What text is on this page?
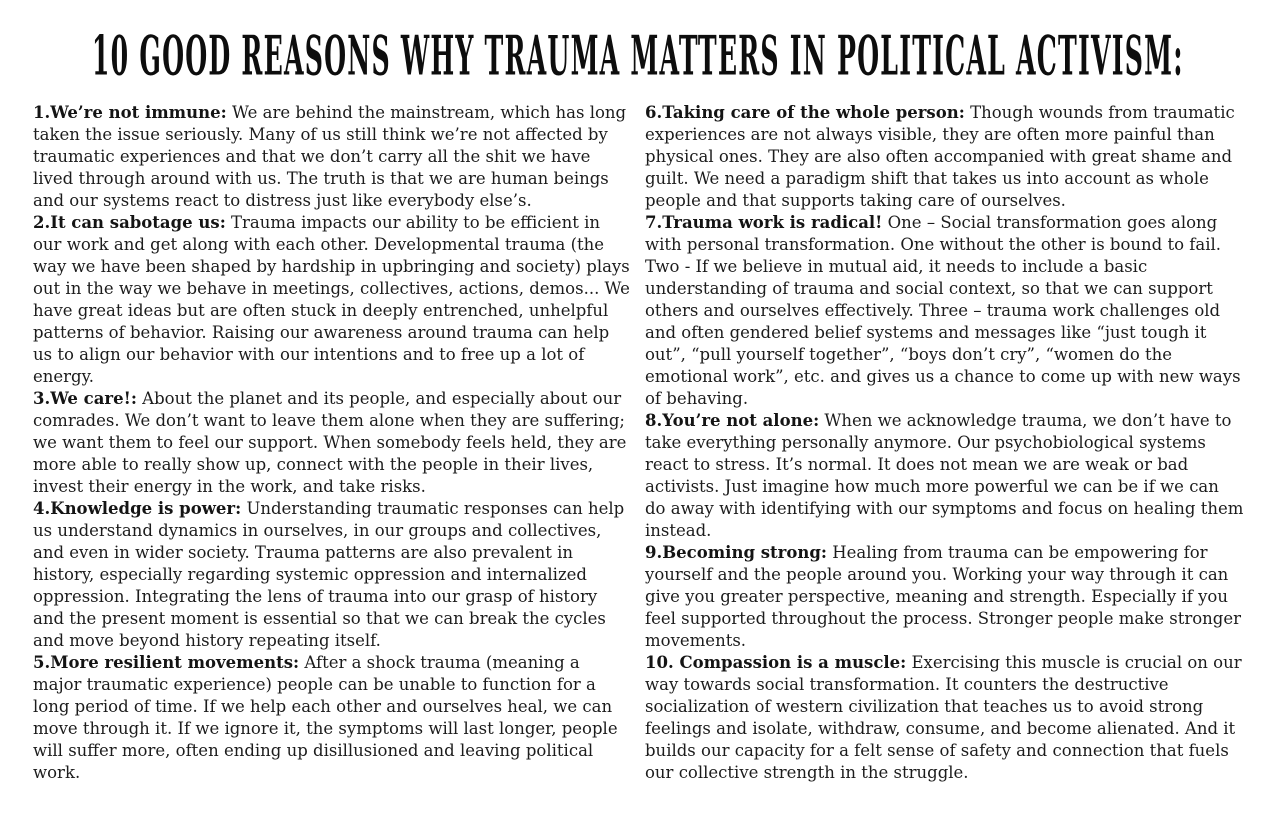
10 GOOD REASONS WHY TRAUMA MATTERS IN POLITICAL ACTIVISM:

1.We’re not immune: We are behind the mainstream, which has long taken the issue seriously. Many of us still think we’re not affected by traumatic experiences and that we don’t carry all the shit we have lived through around with us. The truth is that we are human beings and our systems react to distress just like everybody else’s.

2.It can sabotage us: Trauma impacts our ability to be efficient in our work and get along with each other. Developmental trauma (the way we have been shaped by hardship in upbringing and society) plays out in the way we behave in meetings, collectives, actions, demos... We have great ideas but are often stuck in deeply entrenched, unhelpful patterns of behavior. Raising our awareness around trauma can help us to align our behavior with our intentions and to free up a lot of energy.

3.We care!: About the planet and its people, and especially about our comrades. We don’t want to leave them alone when they are suffering; we want them to feel our support. When somebody feels held, they are more able to really show up, connect with the people in their lives, invest their energy in the work, and take risks.

4.Knowledge is power: Understanding traumatic responses can help us understand dynamics in ourselves, in our groups and collectives, and even in wider society. Trauma patterns are also prevalent in history, especially regarding systemic oppression and internalized oppression. Integrating the lens of trauma into our grasp of history and the present moment is essential so that we can break the cycles and move beyond history repeating itself.

5.More resilient movements: After a shock trauma (meaning a major traumatic experience) people can be unable to function for a long period of time. If we help each other and ourselves heal, we can move through it. If we ignore it, the symptoms will last longer, people will suffer more, often ending up disillusioned and leaving political work.

6.Taking care of the whole person: Though wounds from traumatic experiences are not always visible, they are often more painful than physical ones. They are also often accompanied with great shame and guilt. We need a paradigm shift that takes us into account as whole people and that supports taking care of ourselves.

7.Trauma work is radical! One – Social transformation goes along with personal transformation. One without the other is bound to fail. Two - If we believe in mutual aid, it needs to include a basic understanding of trauma and social context, so that we can support others and ourselves effectively. Three – trauma work challenges old and often gendered belief systems and messages like “just tough it out”, “pull yourself together”, “boys don’t cry”, “women do the emotional work”, etc. and gives us a chance to come up with new ways of behaving.

8.You’re not alone: When we acknowledge trauma, we don’t have to take everything personally anymore. Our psychobiological systems react to stress. It’s normal. It does not mean we are weak or bad activists. Just imagine how much more powerful we can be if we can do away with identifying with our symptoms and focus on healing them instead.

9.Becoming strong: Healing from trauma can be empowering for yourself and the people around you. Working your way through it can give you greater perspective, meaning and strength. Especially if you feel supported throughout the process. Stronger people make stronger movements.

10. Compassion is a muscle: Exercising this muscle is crucial on our way towards social transformation. It counters the destructive socialization of western civilization that teaches us to avoid strong feelings and isolate, withdraw, consume, and become alienated. And it builds our capacity for a felt sense of safety and connection that fuels our collective strength in the struggle.
